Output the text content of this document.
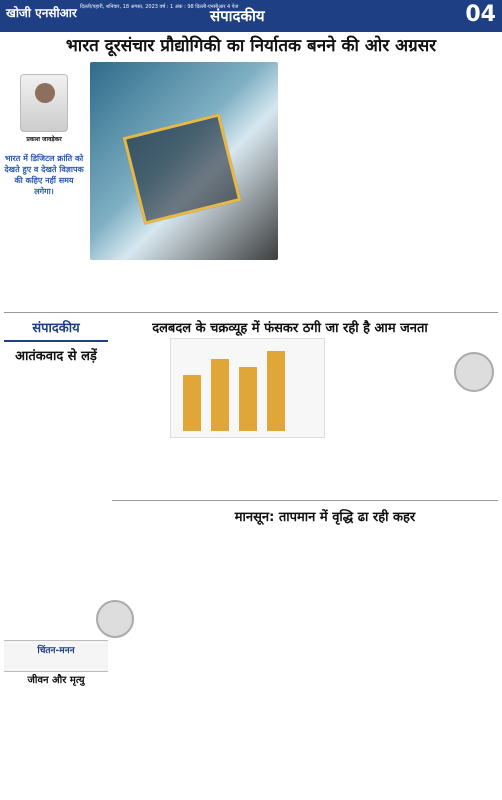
खोजी एनसीआर दिल्ली/पहारी, शनिवार, 18 अगस्त, 2023 वर्ष : 1 अंक : 98 दिल्ली-एनसीआर 4 पेज
संपादकीय	04
भारत दूरसंचार प्रौद्योगिकी का निर्यातक बनने की ओर अग्रसर
प्रकाश जावड़ेकर
भारत में डिजिटल क्रांति को देखते हुए व देखते विज्ञापक की कहिए नहीं समय लगेगा।
संपादकीय
आतंकवाद से लड़ें
दलबदल के चक्रव्यूह में फंसकर ठगी जा रही है आम जनता
मानसून: तापमान में वृद्धि ढा रही कहर
चिंतन-मनन
जीवन और मृत्यु
